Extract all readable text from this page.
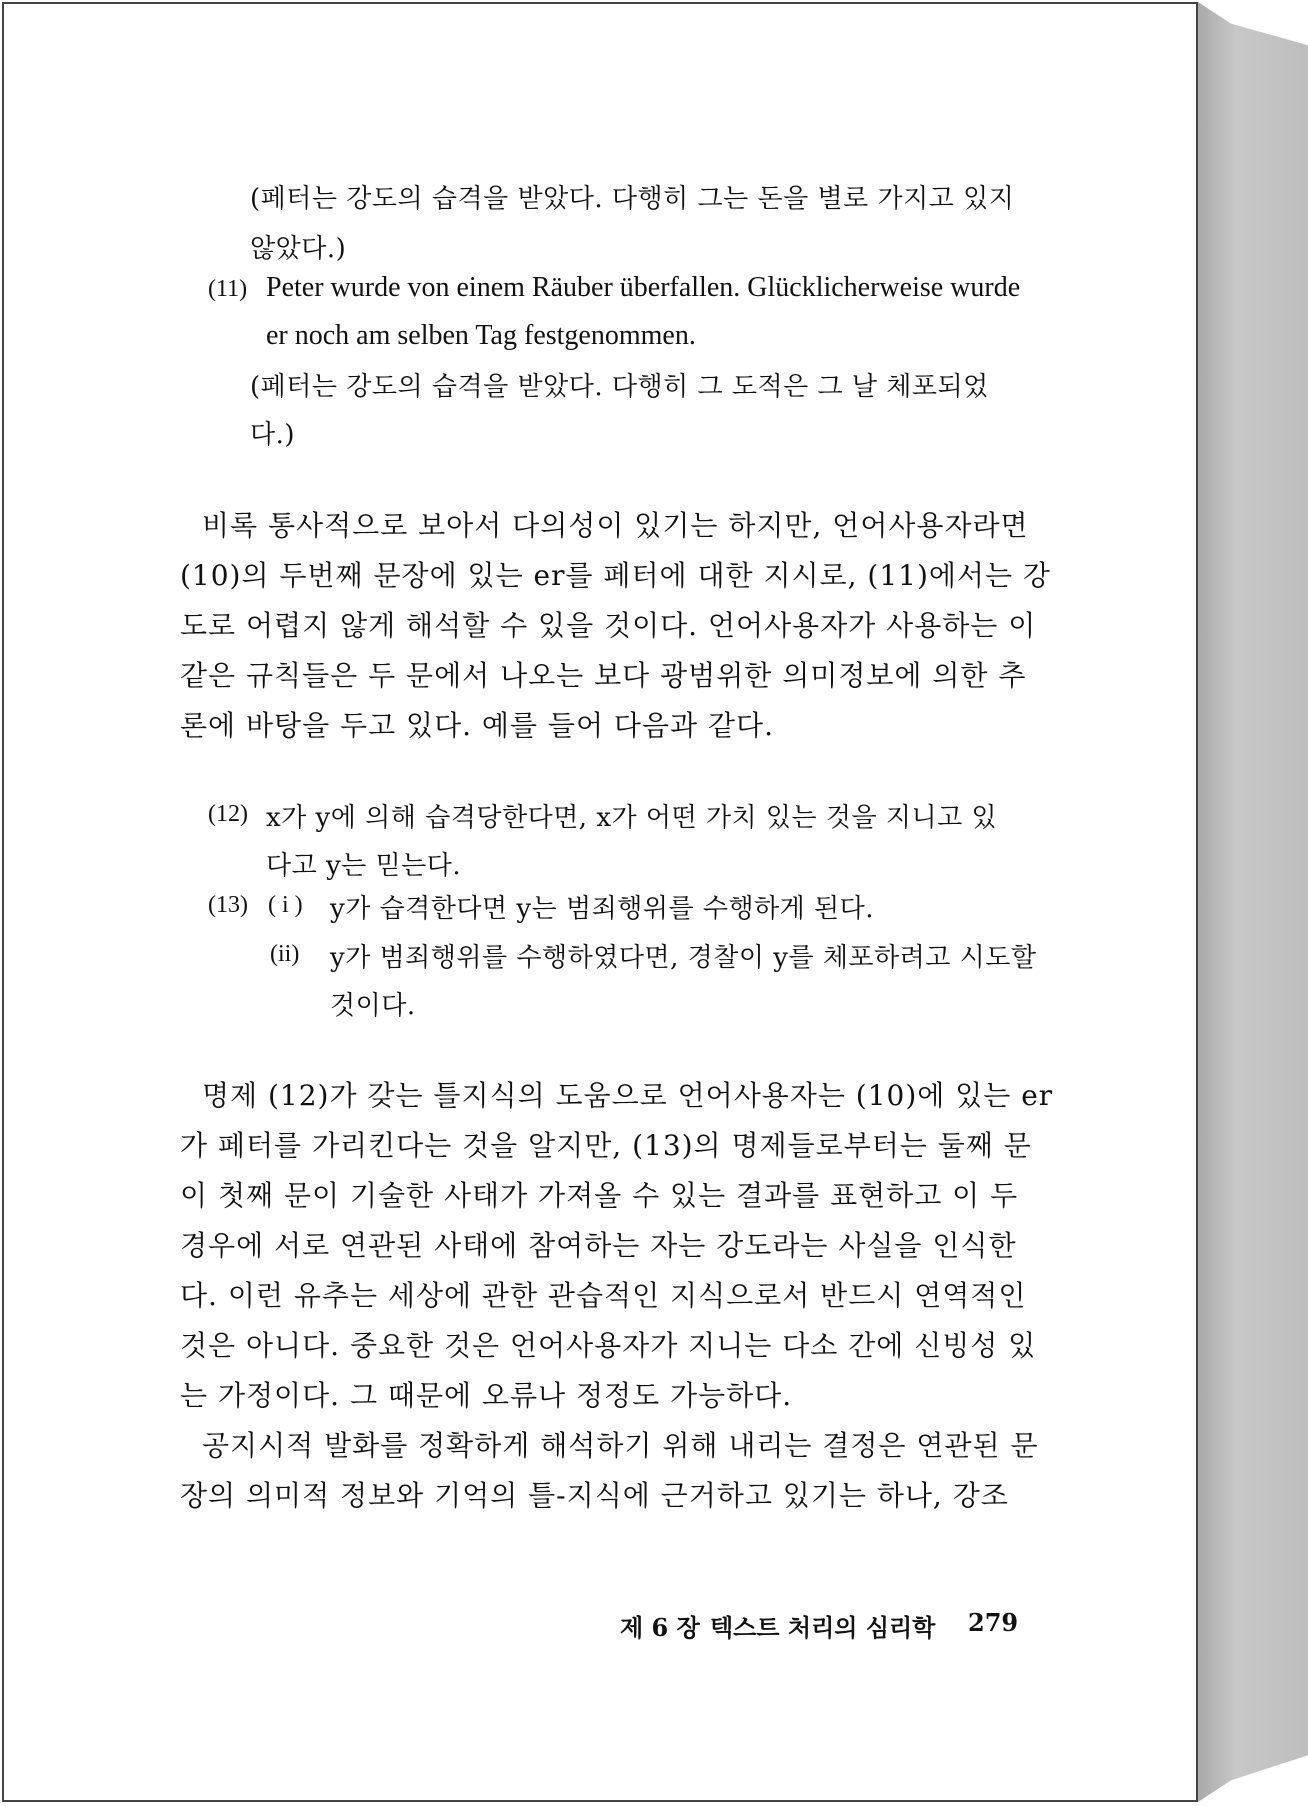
(페터는 강도의 습격을 받았다. 다행히 그는 돈을 별로 가지고 있지

않았다.)

(11) Peter wurde von einem Räuber überfallen. Glücklicherweise wurde

er noch am selben Tag festgenommen.

(페터는 강도의 습격을 받았다. 다행히 그 도적은 그 날 체포되었

다.)

비록 통사적으로 보아서 다의성이 있기는 하지만, 언어사용자라면

(10)의 두번째 문장에 있는 er를 페터에 대한 지시로, (11)에서는 강

도로 어렵지 않게 해석할 수 있을 것이다. 언어사용자가 사용하는 이

같은 규칙들은 두 문에서 나오는 보다 광범위한 의미정보에 의한 추

론에 바탕을 두고 있다. 예를 들어 다음과 같다.

(12) x가 y에 의해 습격당한다면, x가 어떤 가치 있는 것을 지니고 있

다고 y는 믿는다.

(13) ( i ) y가 습격한다면 y는 범죄행위를 수행하게 된다.

(ii) y가 범죄행위를 수행하였다면, 경찰이 y를 체포하려고 시도할

것이다.

명제 (12)가 갖는 틀지식의 도움으로 언어사용자는 (10)에 있는 er

가 페터를 가리킨다는 것을 알지만, (13)의 명제들로부터는 둘째 문

이 첫째 문이 기술한 사태가 가져올 수 있는 결과를 표현하고 이 두

경우에 서로 연관된 사태에 참여하는 자는 강도라는 사실을 인식한

다. 이런 유추는 세상에 관한 관습적인 지식으로서 반드시 연역적인

것은 아니다. 중요한 것은 언어사용자가 지니는 다소 간에 신빙성 있

는 가정이다. 그 때문에 오류나 정정도 가능하다.

공지시적 발화를 정확하게 해석하기 위해 내리는 결정은 연관된 문

장의 의미적 정보와 기억의 틀-지식에 근거하고 있기는 하나, 강조

제 6 장 텍스트 처리의 심리학 279
